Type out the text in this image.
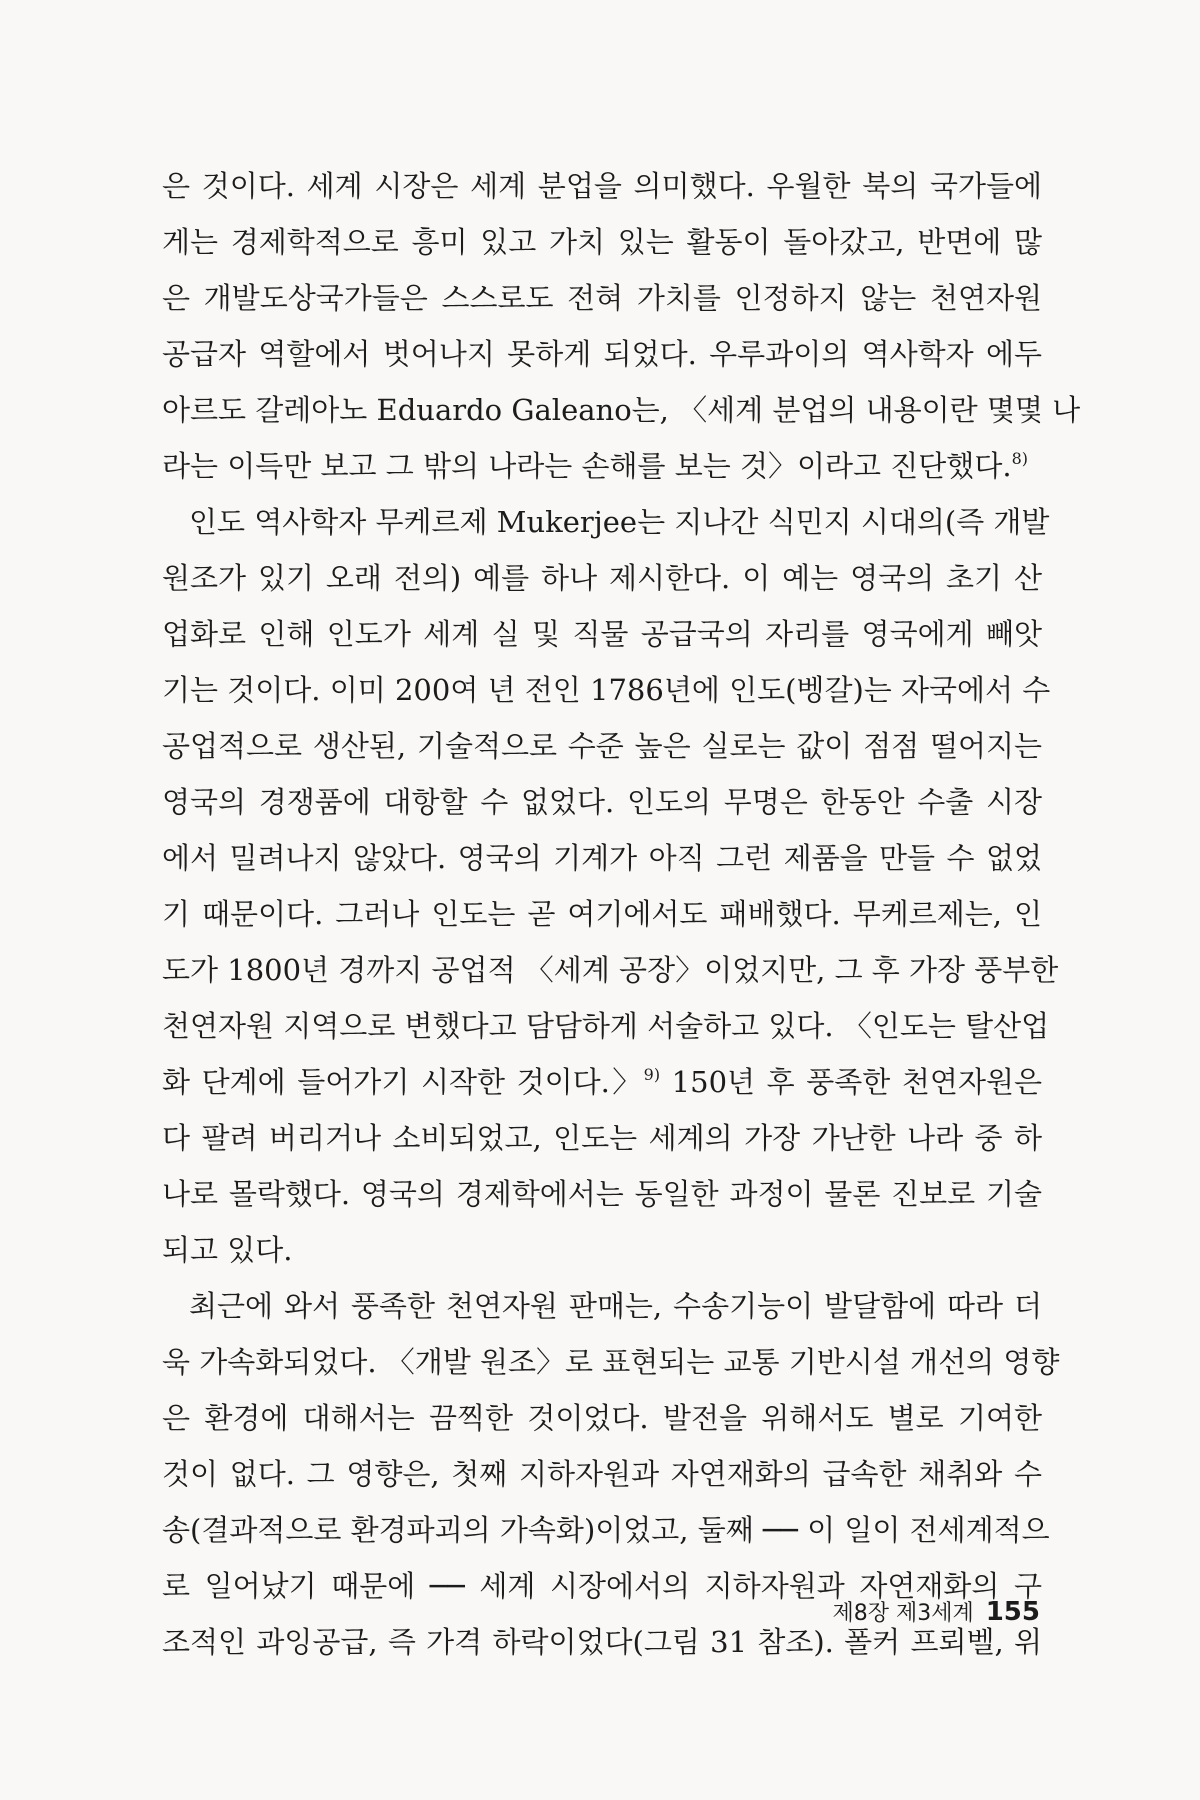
은 것이다. 세계 시장은 세계 분업을 의미했다. 우월한 북의 국가들에
게는 경제학적으로 흥미 있고 가치 있는 활동이 돌아갔고, 반면에 많
은 개발도상국가들은 스스로도 전혀 가치를 인정하지 않는 천연자원
공급자 역할에서 벗어나지 못하게 되었다. 우루과이의 역사학자 에두
아르도 갈레아노 Eduardo Galeano는, 〈세계 분업의 내용이란 몇몇 나
라는 이득만 보고 그 밖의 나라는 손해를 보는 것〉이라고 진단했다.$^{8)}$
인도 역사학자 무케르제 Mukerjee는 지나간 식민지 시대의(즉 개발
원조가 있기 오래 전의) 예를 하나 제시한다. 이 예는 영국의 초기 산
업화로 인해 인도가 세계 실 및 직물 공급국의 자리를 영국에게 빼앗
기는 것이다. 이미 200여 년 전인 1786년에 인도(벵갈)는 자국에서 수
공업적으로 생산된, 기술적으로 수준 높은 실로는 값이 점점 떨어지는
영국의 경쟁품에 대항할 수 없었다. 인도의 무명은 한동안 수출 시장
에서 밀려나지 않았다. 영국의 기계가 아직 그런 제품을 만들 수 없었
기 때문이다. 그러나 인도는 곧 여기에서도 패배했다. 무케르제는, 인
도가 1800년 경까지 공업적 〈세계 공장〉이었지만, 그 후 가장 풍부한
천연자원 지역으로 변했다고 담담하게 서술하고 있다. 〈인도는 탈산업
화 단계에 들어가기 시작한 것이다.〉$^{9)}$ 150년 후 풍족한 천연자원은
다 팔려 버리거나 소비되었고, 인도는 세계의 가장 가난한 나라 중 하
나로 몰락했다. 영국의 경제학에서는 동일한 과정이 물론 진보로 기술
되고 있다.
최근에 와서 풍족한 천연자원 판매는, 수송기능이 발달함에 따라 더
욱 가속화되었다. 〈개발 원조〉로 표현되는 교통 기반시설 개선의 영향
은 환경에 대해서는 끔찍한 것이었다. 발전을 위해서도 별로 기여한
것이 없다. 그 영향은, 첫째 지하자원과 자연재화의 급속한 채취와 수
송(결과적으로 환경파괴의 가속화)이었고, 둘째 ── 이 일이 전세계적으
로 일어났기 때문에 ── 세계 시장에서의 지하자원과 자연재화의 구
조적인 과잉공급, 즉 가격 하락이었다(그림 31 참조). 폴커 프뢰벨, 위
제8장 제3세계 155
